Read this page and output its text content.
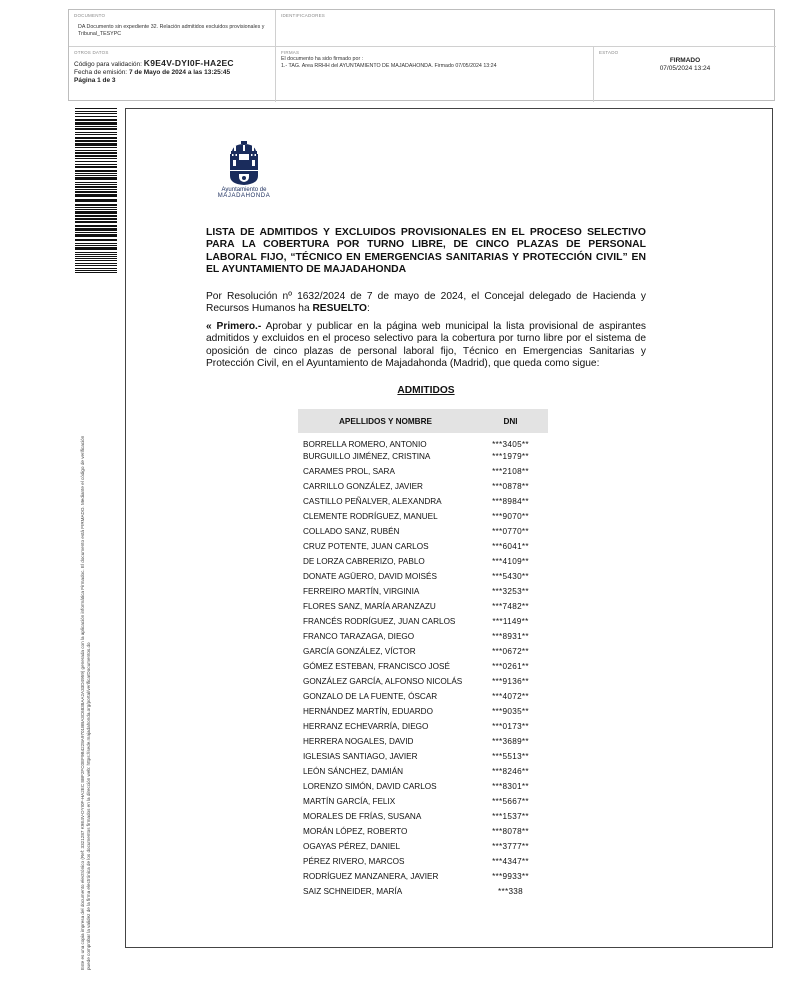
DOCUMENTO
DA Documento sin expediente 32. Relación admitidos excluidos provisionales y Tribunal_TESYPC
IDENTIFICADORES
OTROS DATOS
Código para validación: K9E4V-DYI0F-HA2EC
Fecha de emisión: 7 de Mayo de 2024 a las 13:25:45
Página 1 de 3
FIRMAS
El documento ha sido firmado por :
1.- TAG. Area RRHH del AYUNTAMIENTO DE MAJADAHONDA. Firmado 07/05/2024 13:24
ESTADO
FIRMADO
07/05/2024 13:24
Este es una copia impresa del documento electrónico (Ref: 3321287 K9E4V-DYI0F-HA2EC 8BF2FC0EF9B4228A9701BBA3C6838AA2A33D4959) generada con la aplicación informática Firmadoc. El documento está FIRMADO. Mediante el código de verificación puede comprobar la validez de la firma electrónica de los documentos firmados en la dirección web: https://sede.majadahonda.org/portal/verificarDocumentos.do
Ayuntamiento de
MAJADAHONDA
LISTA DE ADMITIDOS Y EXCLUIDOS PROVISIONALES EN EL PROCESO SELECTIVO PARA LA COBERTURA POR TURNO LIBRE, DE CINCO PLAZAS DE PERSONAL LABORAL FIJO, “TÉCNICO EN EMERGENCIAS SANITARIAS Y PROTECCIÓN CIVIL” EN EL AYUNTAMIENTO DE MAJADAHONDA
Por Resolución nº 1632/2024 de 7 de mayo de 2024, el Concejal delegado de Hacienda y Recursos Humanos ha RESUELTO:
« Primero.- Aprobar y publicar en la página web municipal la lista provisional de aspirantes admitidos y excluidos en el proceso selectivo para la cobertura por turno libre por el sistema de oposición de cinco plazas de personal laboral fijo, Técnico en Emergencias Sanitarias y Protección Civil, en el Ayuntamiento de Majadahonda (Madrid), que queda como sigue:
ADMITIDOS
APELLIDOS Y NOMBRE	DNI
BORRELLA ROMERO, ANTONIO	***3405**
BURGUILLO JIMÉNEZ, CRISTINA	***1979**
CARAMES PROL, SARA	***2108**
CARRILLO GONZÁLEZ, JAVIER	***0878**
CASTILLO PEÑALVER, ALEXANDRA	***8984**
CLEMENTE RODRÍGUEZ, MANUEL	***9070**
COLLADO SANZ, RUBÉN	***0770**
CRUZ POTENTE, JUAN CARLOS	***6041**
DE LORZA CABRERIZO, PABLO	***4109**
DONATE AGÜERO, DAVID MOISÉS	***5430**
FERREIRO MARTÍN, VIRGINIA	***3253**
FLORES SANZ, MARÍA ARANZAZU	***7482**
FRANCÉS RODRÍGUEZ, JUAN CARLOS	***1149**
FRANCO TARAZAGA, DIEGO	***8931**
GARCÍA GONZÁLEZ, VÍCTOR	***0672**
GÓMEZ ESTEBAN, FRANCISCO JOSÉ	***0261**
GONZÁLEZ GARCÍA, ALFONSO NICOLÁS	***9136**
GONZALO DE LA FUENTE, ÓSCAR	***4072**
HERNÁNDEZ MARTÍN, EDUARDO	***9035**
HERRANZ ECHEVARRÍA, DIEGO	***0173**
HERRERA NOGALES, DAVID	***3689**
IGLESIAS SANTIAGO, JAVIER	***5513**
LEÓN SÁNCHEZ, DAMIÁN	***8246**
LORENZO SIMÓN, DAVID CARLOS	***8301**
MARTÍN GARCÍA, FELIX	***5667**
MORALES DE FRÍAS, SUSANA	***1537**
MORÁN LÓPEZ, ROBERTO	***8078**
OGAYAS PÉREZ, DANIEL	***3777**
PÉREZ RIVERO, MARCOS	***4347**
RODRÍGUEZ MANZANERA, JAVIER	***9933**
SAIZ SCHNEIDER, MARÍA	***338
